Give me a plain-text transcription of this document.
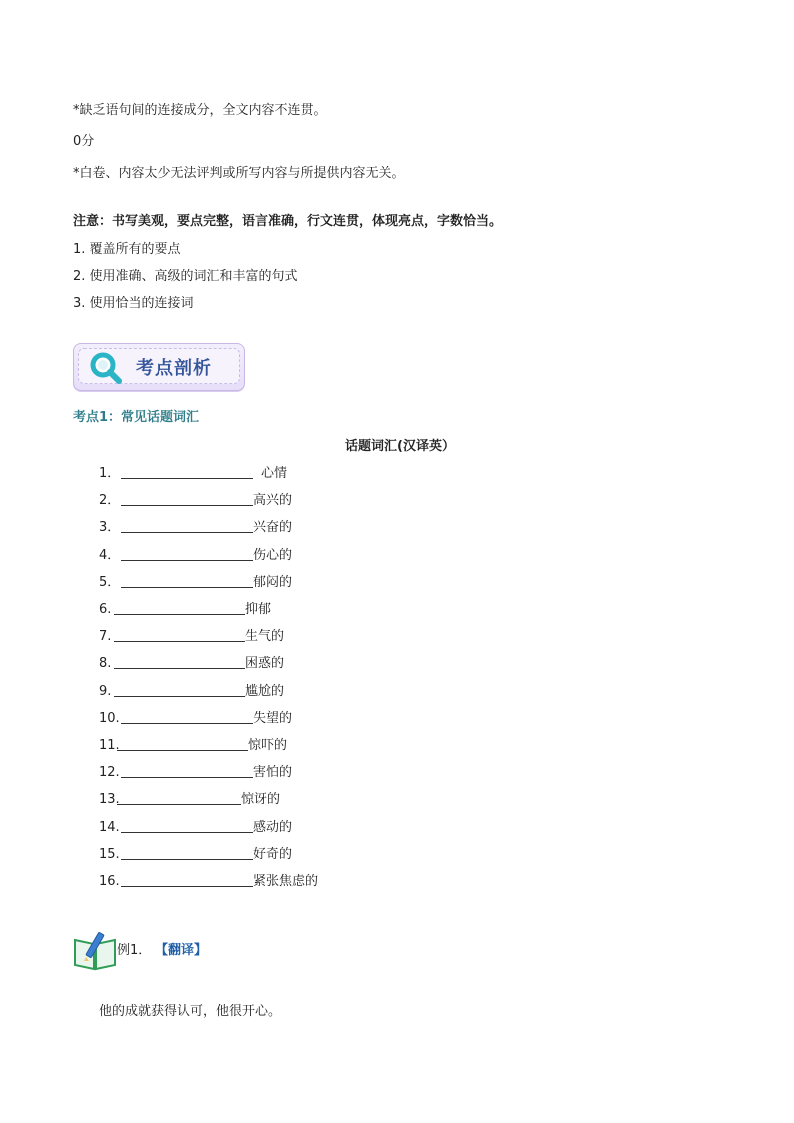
*缺乏语句间的连接成分，全文内容不连贯。
0分
*白卷、内容太少无法评判或所写内容与所提供内容无关。
注意：书写美观，要点完整，语言准确，行文连贯，体现亮点，字数恰当。
1. 覆盖所有的要点
2. 使用准确、高级的词汇和丰富的句式
3. 使用恰当的连接词
考点剖析
考点1：常见话题词汇
话题词汇(汉译英）
1．	心情
2．	高兴的
3．	兴奋的
4．	伤心的
5．	郁闷的
6.	抑郁
7.	生气的
8.	困惑的
9.	尴尬的
10.	失望的
11.	惊吓的
12.	害怕的
13.	惊讶的
14.	感动的
15.	好奇的
16.	紧张焦虑的
例1． 【翻译】
他的成就获得认可，他很开心。
